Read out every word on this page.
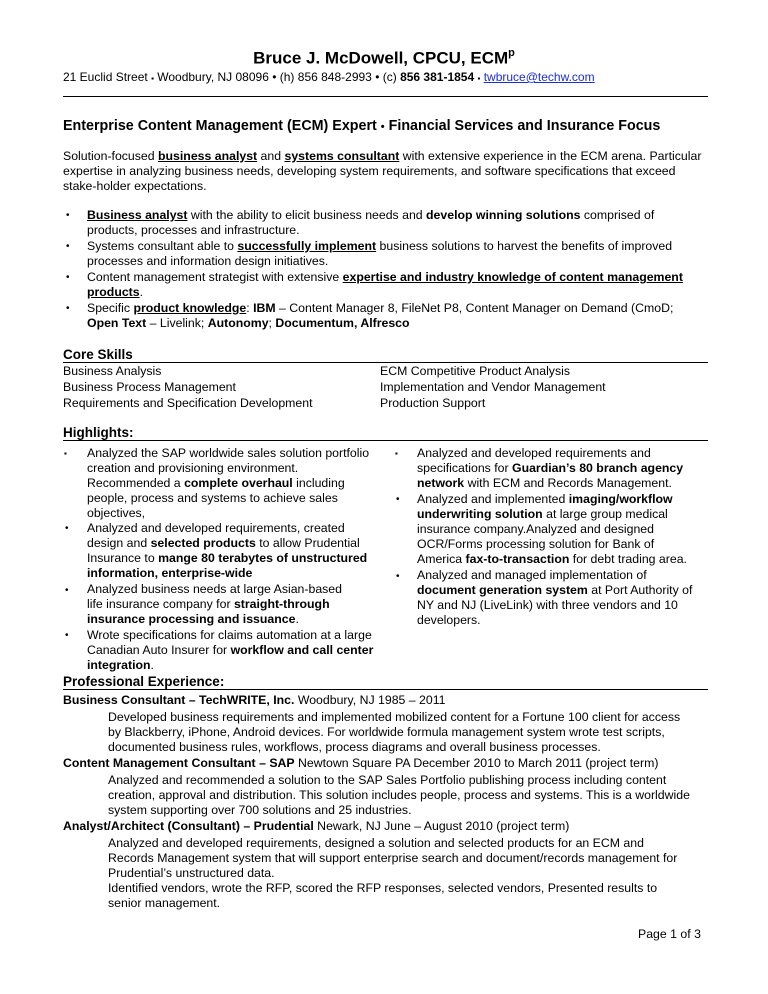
Bruce J. McDowell, CPCU, ECM$^p$
21 Euclid Street ▪ Woodbury, NJ 08096 • (h) 856 848-2993 • (c) 856 381-1854 ▪ twbruce@techw.com
Enterprise Content Management (ECM) Expert • Financial Services and Insurance Focus
Solution-focused business analyst and systems consultant with extensive experience in the ECM arena. Particular
expertise in analyzing business needs, developing system requirements, and software specifications that exceed
stake-holder expectations.
• Business analyst with the ability to elicit business needs and develop winning solutions comprised of
products, processes and infrastructure.
• Systems consultant able to successfully implement business solutions to harvest the benefits of improved
processes and information design initiatives.
• Content management strategist with extensive expertise and industry knowledge of content management
products.
• Specific product knowledge: IBM – Content Manager 8, FileNet P8, Content Manager on Demand (CmoD;
Open Text – Livelink; Autonomy; Documentum, Alfresco
Core Skills
Business Analysis
Business Process Management
Requirements and Specification Development
ECM Competitive Product Analysis
Implementation and Vendor Management
Production Support
Highlights:
▪ Analyzed the SAP worldwide sales solution portfolio
creation and provisioning environment.
Recommended a complete overhaul including
people, process and systems to achieve sales
objectives,
• Analyzed and developed requirements, created
design and selected products to allow Prudential
Insurance to mange 80 terabytes of unstructured
information, enterprise-wide
• Analyzed business needs at large Asian-based
life insurance company for straight-through
insurance processing and issuance.
• Wrote specifications for claims automation at a large
Canadian Auto Insurer for workflow and call center
integration.
▪ Analyzed and developed requirements and
specifications for Guardian’s 80 branch agency
network with ECM and Records Management.
• Analyzed and implemented imaging/workflow
underwriting solution at large group medical
insurance company.Analyzed and designed
OCR/Forms processing solution for Bank of
America fax-to-transaction for debt trading area.
• Analyzed and managed implementation of
document generation system at Port Authority of
NY and NJ (LiveLink) with three vendors and 10
developers.
Professional Experience:
Business Consultant – TechWRITE, Inc. Woodbury, NJ 1985 – 2011
Developed business requirements and implemented mobilized content for a Fortune 100 client for access
by Blackberry, iPhone, Android devices. For worldwide formula management system wrote test scripts,
documented business rules, workflows, process diagrams and overall business processes.
Content Management Consultant – SAP Newtown Square PA December 2010 to March 2011 (project term)
Analyzed and recommended a solution to the SAP Sales Portfolio publishing process including content
creation, approval and distribution. This solution includes people, process and systems. This is a worldwide
system supporting over 700 solutions and 25 industries.
Analyst/Architect (Consultant) – Prudential Newark, NJ June – August 2010 (project term)
Analyzed and developed requirements, designed a solution and selected products for an ECM and
Records Management system that will support enterprise search and document/records management for
Prudential’s unstructured data.
Identified vendors, wrote the RFP, scored the RFP responses, selected vendors, Presented results to
senior management.
Page 1 of 3
